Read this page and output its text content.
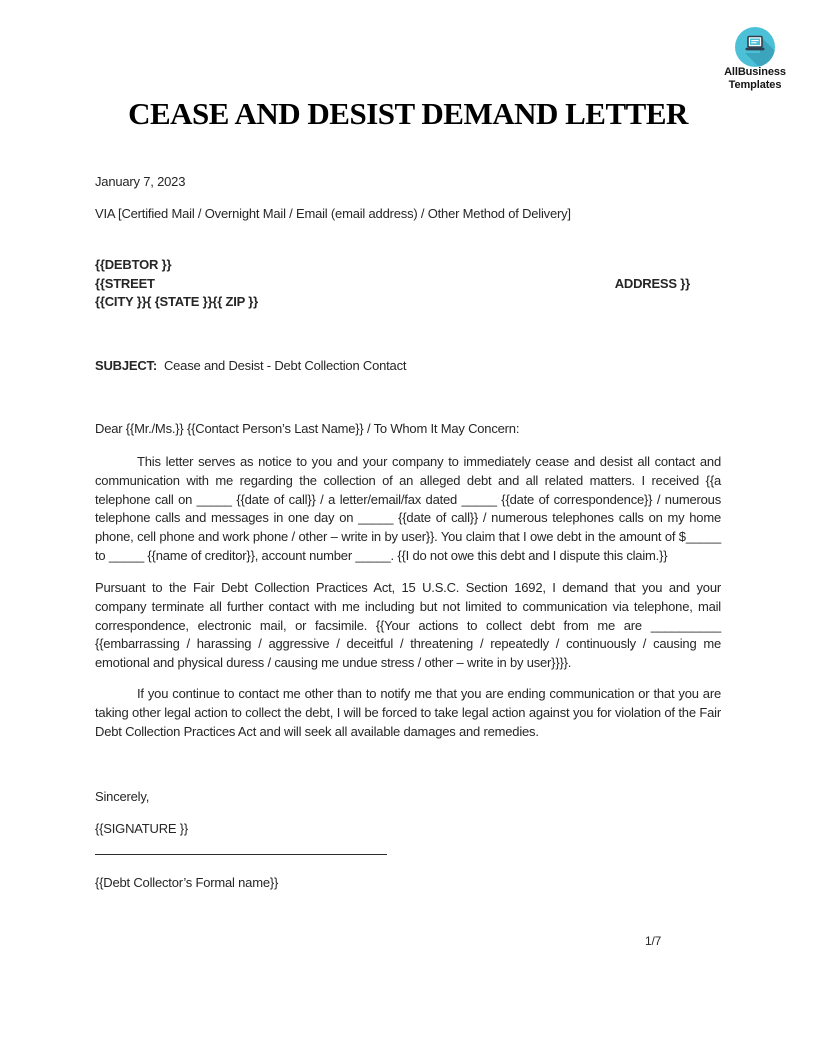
AllBusiness
Templates
CEASE AND DESIST DEMAND LETTER
January 7, 2023
VIA [Certified Mail / Overnight Mail / Email (email address) / Other Method of Delivery]
{{DEBTOR }}
{{STREET	ADDRESS }}
{{CITY }}{ {STATE }}{{ ZIP }}
SUBJECT: Cease and Desist - Debt Collection Contact
Dear {{Mr./Ms.}} {{Contact Person’s Last Name}} / To Whom It May Concern:
This letter serves as notice to you and your company to immediately cease and desist all contact and communication with me regarding the collection of an alleged debt and all related matters. I received {{a telephone call on _____ {{date of call}} / a letter/email/fax dated _____ {{date of correspondence}} / numerous telephone calls and messages in one day on _____ {{date of call}} / numerous telephones calls on my home phone, cell phone and work phone / other – write in by user}}. You claim that I owe debt in the amount of $_____ to _____ {{name of creditor}}, account number _____. {{I do not owe this debt and I dispute this claim.}}
Pursuant to the Fair Debt Collection Practices Act, 15 U.S.C. Section 1692, I demand that you and your company terminate all further contact with me including but not limited to communication via telephone, mail correspondence, electronic mail, or facsimile. {{Your actions to collect debt from me are __________ {{embarrassing / harassing / aggressive / deceitful / threatening / repeatedly / continuously / causing me emotional and physical duress / causing me undue stress / other – write in by user}}}}.
If you continue to contact me other than to notify me that you are ending communication or that you are taking other legal action to collect the debt, I will be forced to take legal action against you for violation of the Fair Debt Collection Practices Act and will seek all available damages and remedies.
Sincerely,
{{SIGNATURE }}
{{Debt Collector’s Formal name}}
1/7
